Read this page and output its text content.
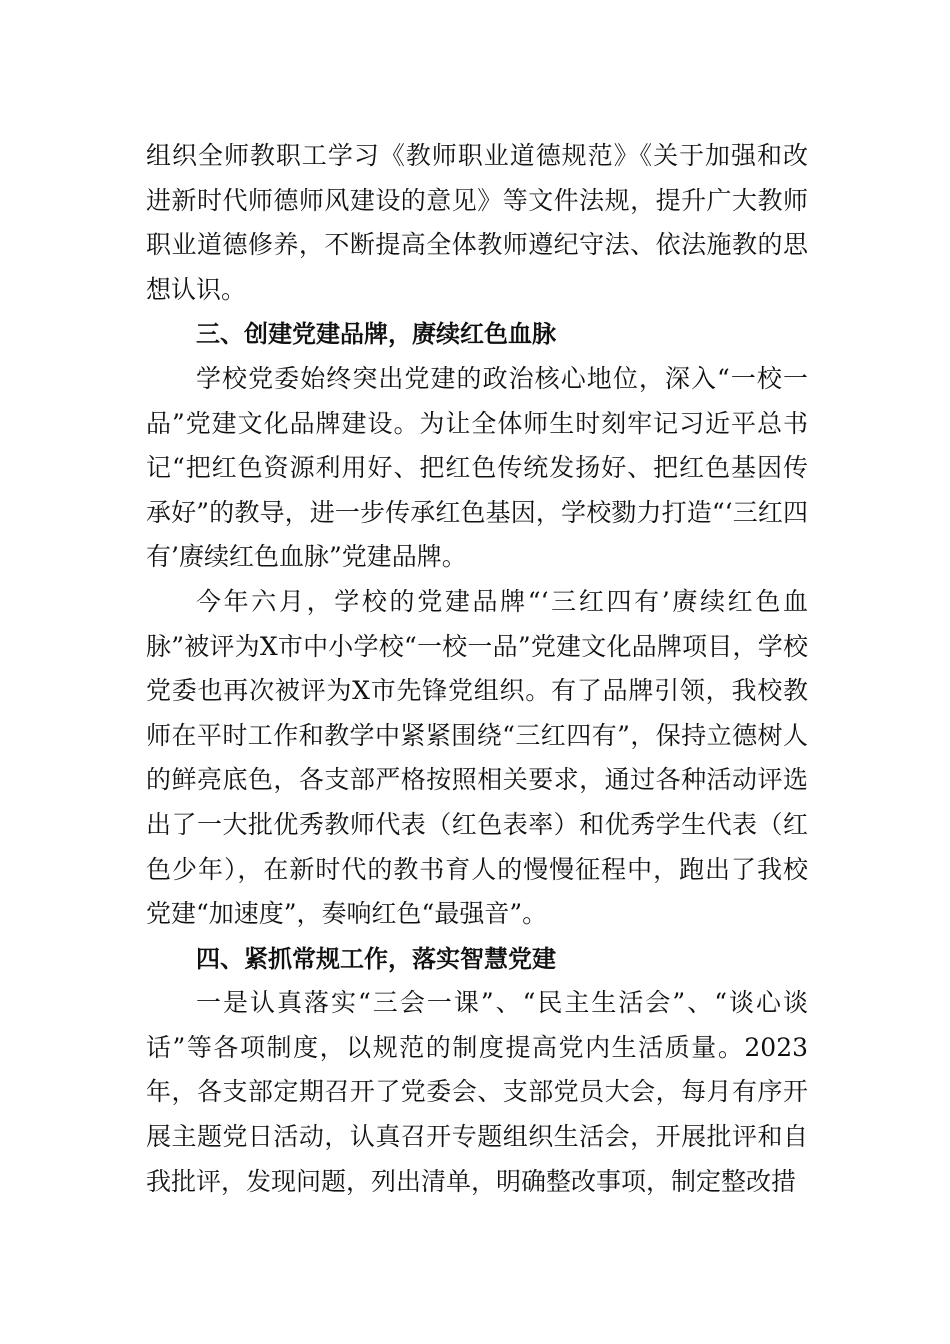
组织全师教职工学习《教师职业道德规范》《关于加强和改进新时代师德师风建设的意见》等文件法规，提升广大教师职业道德修养，不断提高全体教师遵纪守法、依法施教的思想认识。

三、创建党建品牌，赓续红色血脉

学校党委始终突出党建的政治核心地位，深入“一校一品”党建文化品牌建设。为让全体师生时刻牢记习近平总书记“把红色资源利用好、把红色传统发扬好、把红色基因传承好”的教导，进一步传承红色基因，学校勠力打造“‘三红四有’赓续红色血脉”党建品牌。

今年六月，学校的党建品牌“‘三红四有’赓续红色血脉”被评为X市中小学校“一校一品”党建文化品牌项目，学校党委也再次被评为X市先锋党组织。有了品牌引领，我校教师在平时工作和教学中紧紧围绕“三红四有”，保持立德树人的鲜亮底色，各支部严格按照相关要求，通过各种活动评选出了一大批优秀教师代表（红色表率）和优秀学生代表（红色少年），在新时代的教书育人的慢慢征程中，跑出了我校党建“加速度”，奏响红色“最强音”。

四、紧抓常规工作，落实智慧党建

一是认真落实“三会一课”、“民主生活会”、“谈心谈话”等各项制度，以规范的制度提高党内生活质量。2023年，各支部定期召开了党委会、支部党员大会，每月有序开展主题党日活动，认真召开专题组织生活会，开展批评和自我批评，发现问题，列出清单，明确整改事项，制定整改措
